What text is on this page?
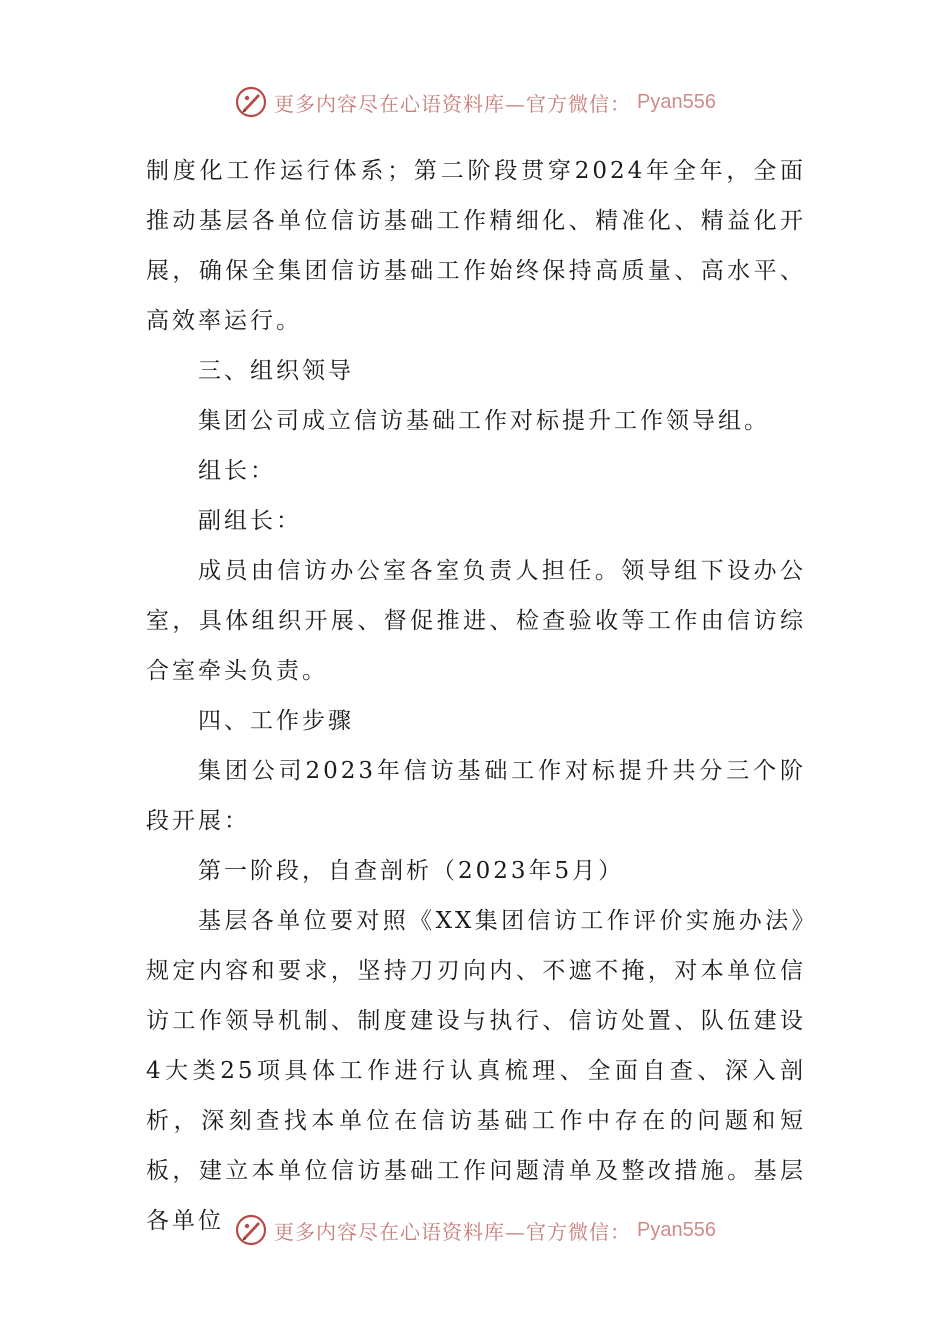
更多内容尽在心语资料库—官方微信： Pyan556

制度化工作运行体系；第二阶段贯穿2024年全年，全面推动基层各单位信访基础工作精细化、精准化、精益化开展，确保全集团信访基础工作始终保持高质量、高水平、高效率运行。

三、组织领导

集团公司成立信访基础工作对标提升工作领导组。

组长：

副组长：

成员由信访办公室各室负责人担任。领导组下设办公室，具体组织开展、督促推进、检查验收等工作由信访综合室牵头负责。

四、工作步骤

集团公司2023年信访基础工作对标提升共分三个阶段开展：

第一阶段，自查剖析（2023年5月）

基层各单位要对照《XX集团信访工作评价实施办法》规定内容和要求，坚持刀刃向内、不遮不掩，对本单位信访工作领导机制、制度建设与执行、信访处置、队伍建设4大类25项具体工作进行认真梳理、全面自查、深入剖析，深刻查找本单位在信访基础工作中存在的问题和短板，建立本单位信访基础工作问题清单及整改措施。基层各单位	更多内容尽在心语资料库—官方微信： Pyan556
